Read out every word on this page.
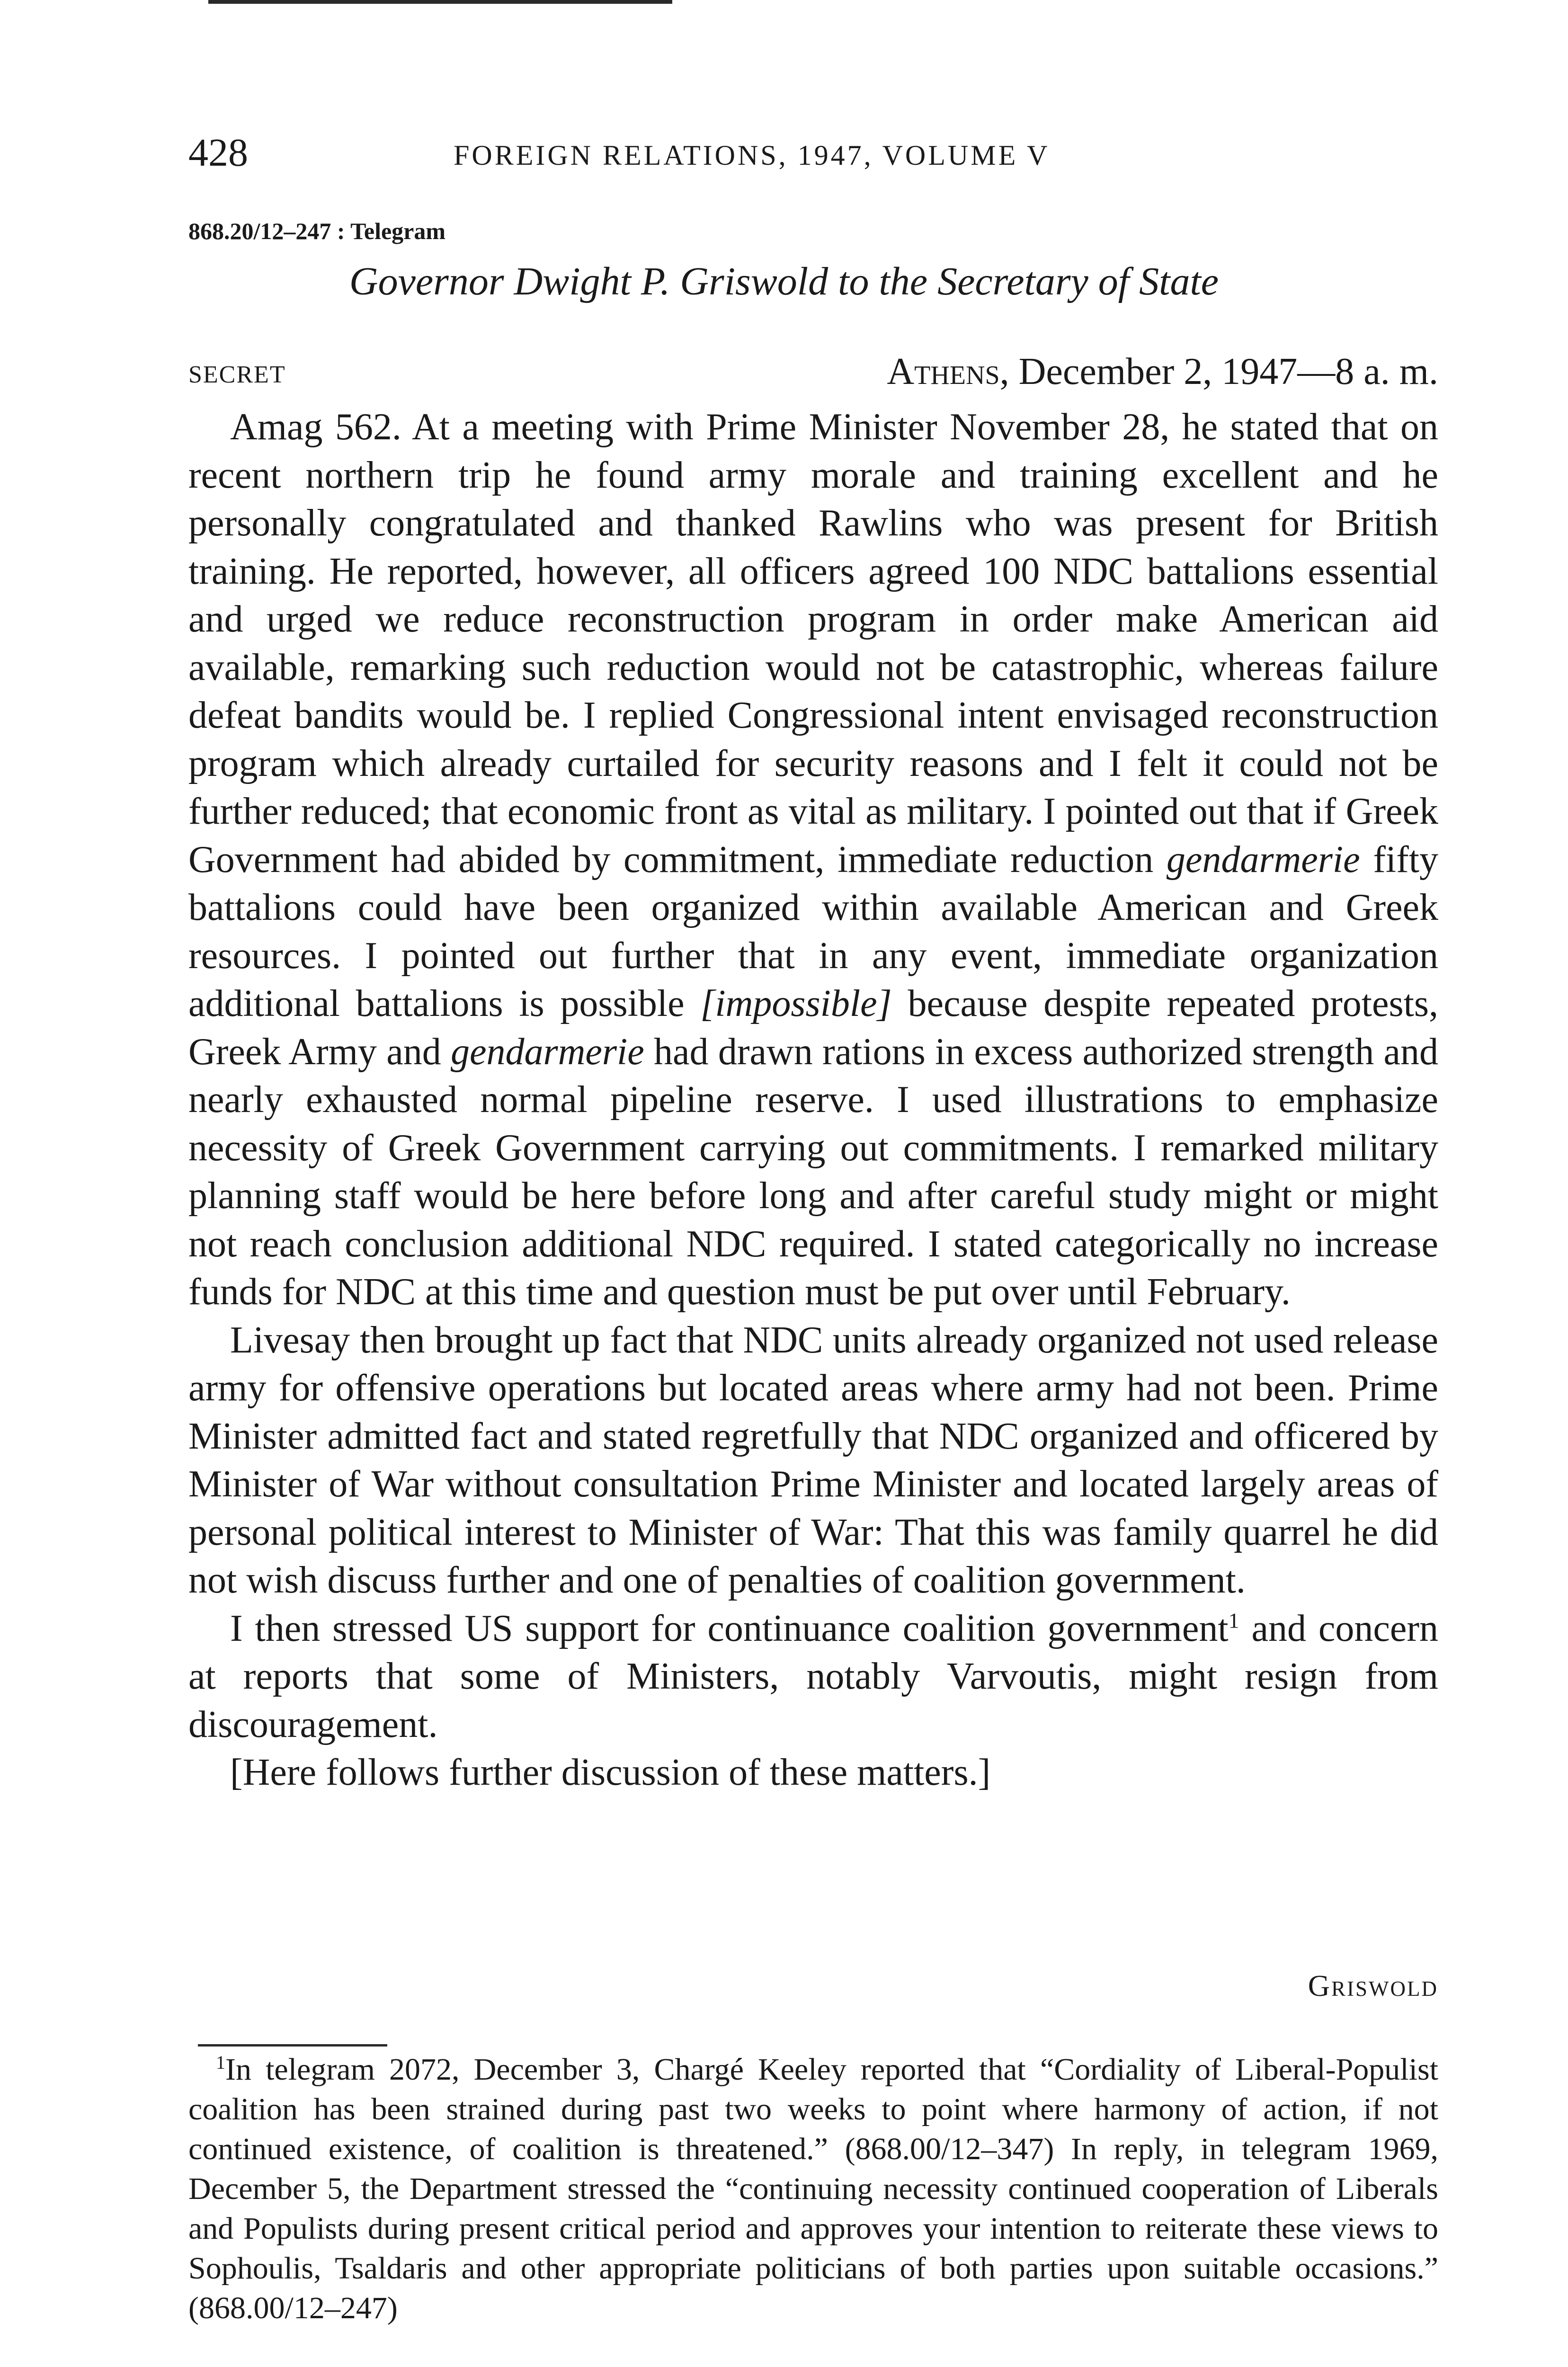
428	FOREIGN RELATIONS, 1947, VOLUME V
868.20/12–247 : Telegram
Governor Dwight P. Griswold to the Secretary of State
SECRET	Athens, December 2, 1947—8 a. m.

Amag 562. At a meeting with Prime Minister November 28, he stated that on recent northern trip he found army morale and training excellent and he personally congratulated and thanked Rawlins who was present for British training. He reported, however, all officers agreed 100 NDC battalions essential and urged we reduce reconstruction program in order make American aid available, remarking such reduction would not be catastrophic, whereas failure defeat bandits would be. I replied Congressional intent envisaged reconstruction program which already curtailed for security reasons and I felt it could not be further reduced; that economic front as vital as military. I pointed out that if Greek Government had abided by commitment, immediate reduction gendarmerie fifty battalions could have been organized within available American and Greek resources. I pointed out further that in any event, immediate organization additional battalions is possible [impossible] because despite repeated protests, Greek Army and gendarmerie had drawn rations in excess authorized strength and nearly exhausted normal pipeline reserve. I used illustrations to emphasize necessity of Greek Government carrying out commitments. I remarked military planning staff would be here before long and after careful study might or might not reach conclusion additional NDC required. I stated categorically no increase funds for NDC at this time and question must be put over until February.

Livesay then brought up fact that NDC units already organized not used release army for offensive operations but located areas where army had not been. Prime Minister admitted fact and stated regretfully that NDC organized and officered by Minister of War without consultation Prime Minister and located largely areas of personal political interest to Minister of War: That this was family quarrel he did not wish discuss further and one of penalties of coalition government.

I then stressed US support for continuance coalition government$^1$ and concern at reports that some of Ministers, notably Varvoutis, might resign from discouragement.

[Here follows further discussion of these matters.]

Griswold

$^1$In telegram 2072, December 3, Chargé Keeley reported that “Cordiality of Liberal-Populist coalition has been strained during past two weeks to point where harmony of action, if not continued existence, of coalition is threatened.” (868.00/12–347) In reply, in telegram 1969, December 5, the Department stressed the “continuing necessity continued cooperation of Liberals and Populists during present critical period and approves your intention to reiterate these views to Sophoulis, Tsaldaris and other appropriate politicians of both parties upon suitable occasions.” (868.00/12–247)
